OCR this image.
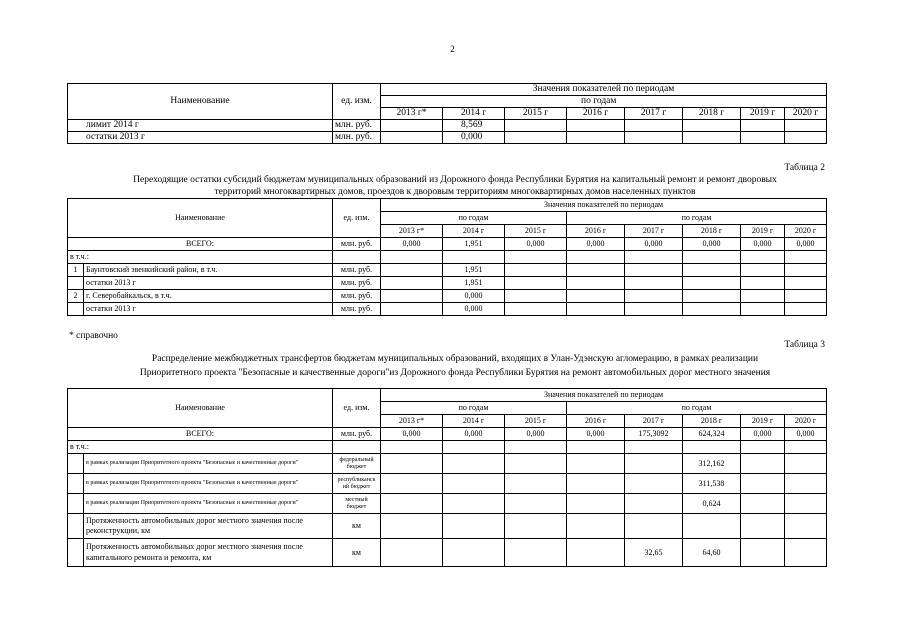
2
Наименование	ед. изм.	Значения показателей по периодам							
		по годам							
		2013 г*	2014 г	2015 г	2016 г	2017 г	2018 г	2019 г	2020 г
лимит 2014 г	млн. руб.		8,569						
остатки 2013 г	млн. руб.		0,000						
Таблица 2
Переходящие остатки субсидий бюджетам муниципальных образований из Дорожного фонда Республики Бурятия на капитальный ремонт и ремонт дворовых
территорий многоквартирных домов, проездов к дворовым территориям многоквартирных домов населенных пунктов
Наименование		ед. изм.	Значения показателей по периодам							
			по годам			по годам				
			2013 г*	2014 г	2015 г	2016 г	2017 г	2018 г	2019 г	2020 г
ВСЕГО:		млн. руб.	0,000	1,951	0,000	0,000	0,000	0,000	0,000	0,000
в т.ч.:										
1	Баунтовский эвенкийский район, в т.ч.	млн. руб.		1,951						
	остатки 2013 г	млн. руб.		1,951						
2	г. Северобайкальск, в т.ч.	млн. руб.		0,000						
	остатки 2013 г	млн. руб.		0,000						
* справочно
Таблица 3
Распределение межбюджетных трансфертов бюджетам муниципальных образований, входящих в Улан-Удэнскую агломерацию, в рамках реализации
Приоритетного проекта "Безопасные и качественные дороги"из Дорожного фонда Республики Бурятия на ремонт автомобильных дорог местного значения
Наименование		ед. изм.	Значения показателей по периодам							
			по годам			по годам				
			2013 г*	2014 г	2015 г	2016 г	2017 г	2018 г	2019 г	2020 г
ВСЕГО:		млн. руб.	0,000	0,000	0,000	0,000	175,3092	624,324	0,000	0,000
в т.ч.:										
	в рамках реализации Приоритетного проекта "Безопасные и качественные дороги"	федеральный бюджет						312,162		
	в рамках реализации Приоритетного проекта "Безопасные и качественные дороги"	республиканск ий бюджет						311,538		
	в рамках реализации Приоритетного проекта "Безопасные и качественные дороги"	местный бюджет						0,624		
	Протяженность автомобильных дорог местного значения после реконструкции, км	км								
	Протяженность автомобильных дорог местного значения после капитального ремонта и ремонта, км	км					32,65	64,60		
